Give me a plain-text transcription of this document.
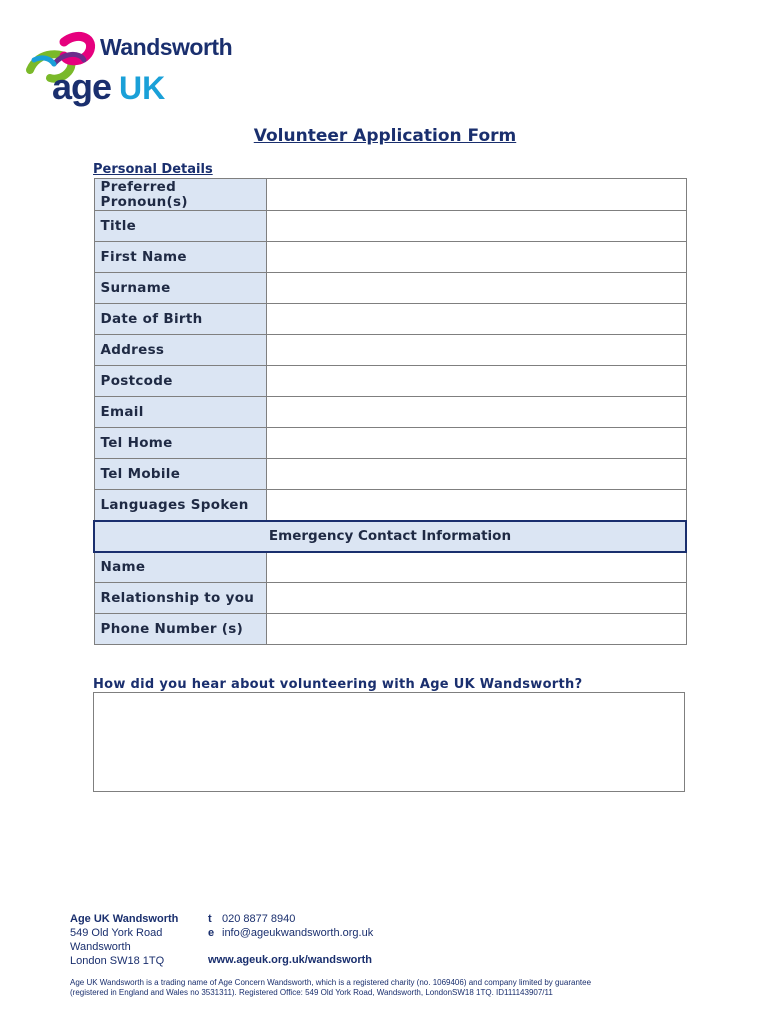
Wandsworth
age UK
Volunteer Application Form
Personal Details
Preferred Pronoun(s)	
Title	
First Name	
Surname	
Date of Birth	
Address	
Postcode	
Email	
Tel Home	
Tel Mobile	
Languages Spoken	
Emergency Contact Information	
Name	
Relationship to you	
Phone Number (s)	
How did you hear about volunteering with Age UK Wandsworth?
Age UK Wandsworth
549 Old York Road
Wandsworth
London SW18 1TQ
t 020 8877 8940
e info@ageukwandsworth.org.uk
www.ageuk.org.uk/wandsworth
Age UK Wandsworth is a trading name of Age Concern Wandsworth, which is a registered charity (no. 1069406) and company limited by guarantee
(registered in England and Wales no 3531311). Registered Office: 549 Old York Road, Wandsworth, LondonSW18 1TQ. ID111143907/11
